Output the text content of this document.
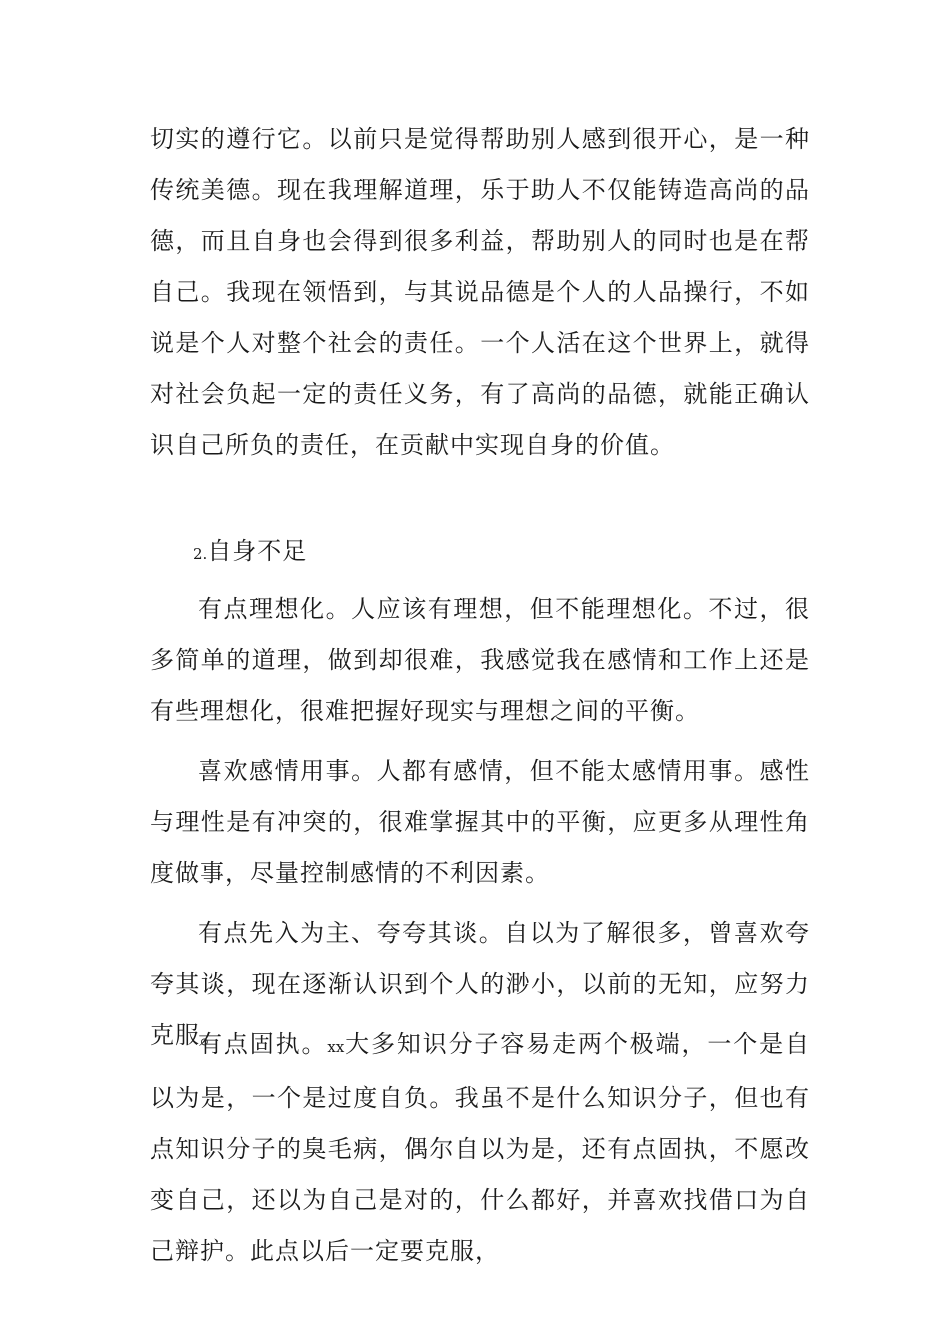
切实的遵行它。以前只是觉得帮助别人感到很开心，是一种传统美德。现在我理解道理，乐于助人不仅能铸造高尚的品德，而且自身也会得到很多利益，帮助别人的同时也是在帮自己。我现在领悟到，与其说品德是个人的人品操行，不如说是个人对整个社会的责任。一个人活在这个世界上，就得对社会负起一定的责任义务，有了高尚的品德，就能正确认识自己所负的责任，在贡献中实现自身的价值。

2.自身不足

有点理想化。人应该有理想，但不能理想化。不过，很多简单的道理，做到却很难，我感觉我在感情和工作上还是有些理想化，很难把握好现实与理想之间的平衡。

喜欢感情用事。人都有感情，但不能太感情用事。感性与理性是有冲突的，很难掌握其中的平衡，应更多从理性角度做事，尽量控制感情的不利因素。

有点先入为主、夸夸其谈。自以为了解很多，曾喜欢夸夸其谈，现在逐渐认识到个人的渺小，以前的无知，应努力克服。

有点固执。xx大多知识分子容易走两个极端，一个是自以为是，一个是过度自负。我虽不是什么知识分子，但也有点知识分子的臭毛病，偶尔自以为是，还有点固执，不愿改变自己，还以为自己是对的，什么都好，并喜欢找借口为自己辩护。此点以后一定要克服，
